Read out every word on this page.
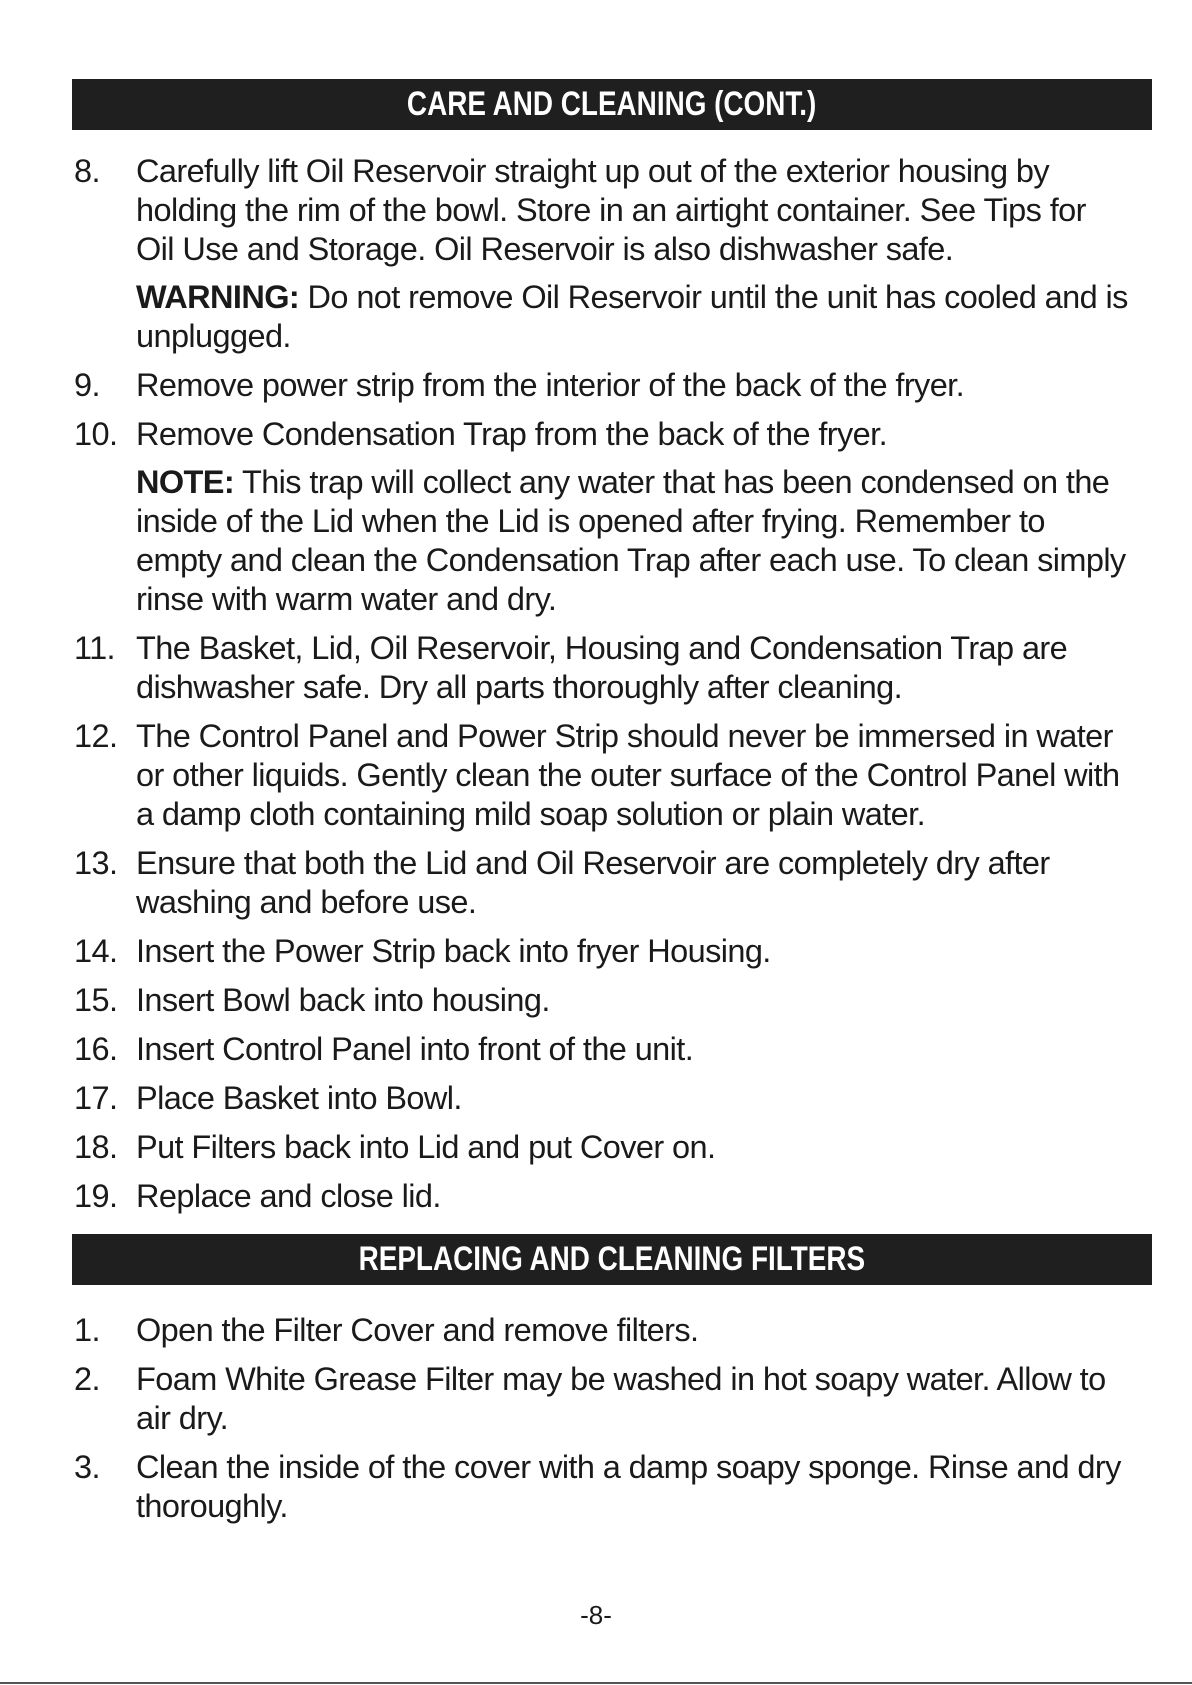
CARE AND CLEANING (CONT.)
8. Carefully lift Oil Reservoir straight up out of the exterior housing by holding the rim of the bowl. Store in an airtight container. See Tips for Oil Use and Storage. Oil Reservoir is also dishwasher safe.
WARNING: Do not remove Oil Reservoir until the unit has cooled and is unplugged.
9. Remove power strip from the interior of the back of the fryer.
10. Remove Condensation Trap from the back of the fryer.
NOTE: This trap will collect any water that has been condensed on the inside of the Lid when the Lid is opened after frying. Remember to empty and clean the Condensation Trap after each use. To clean simply rinse with warm water and dry.
11. The Basket, Lid, Oil Reservoir, Housing and Condensation Trap are dishwasher safe. Dry all parts thoroughly after cleaning.
12. The Control Panel and Power Strip should never be immersed in water or other liquids. Gently clean the outer surface of the Control Panel with a damp cloth containing mild soap solution or plain water.
13. Ensure that both the Lid and Oil Reservoir are completely dry after washing and before use.
14. Insert the Power Strip back into fryer Housing.
15. Insert Bowl back into housing.
16. Insert Control Panel into front of the unit.
17. Place Basket into Bowl.
18. Put Filters back into Lid and put Cover on.
19. Replace and close lid.
REPLACING AND CLEANING FILTERS
1. Open the Filter Cover and remove filters.
2. Foam White Grease Filter may be washed in hot soapy water. Allow to air dry.
3. Clean the inside of the cover with a damp soapy sponge. Rinse and dry thoroughly.
-8-
